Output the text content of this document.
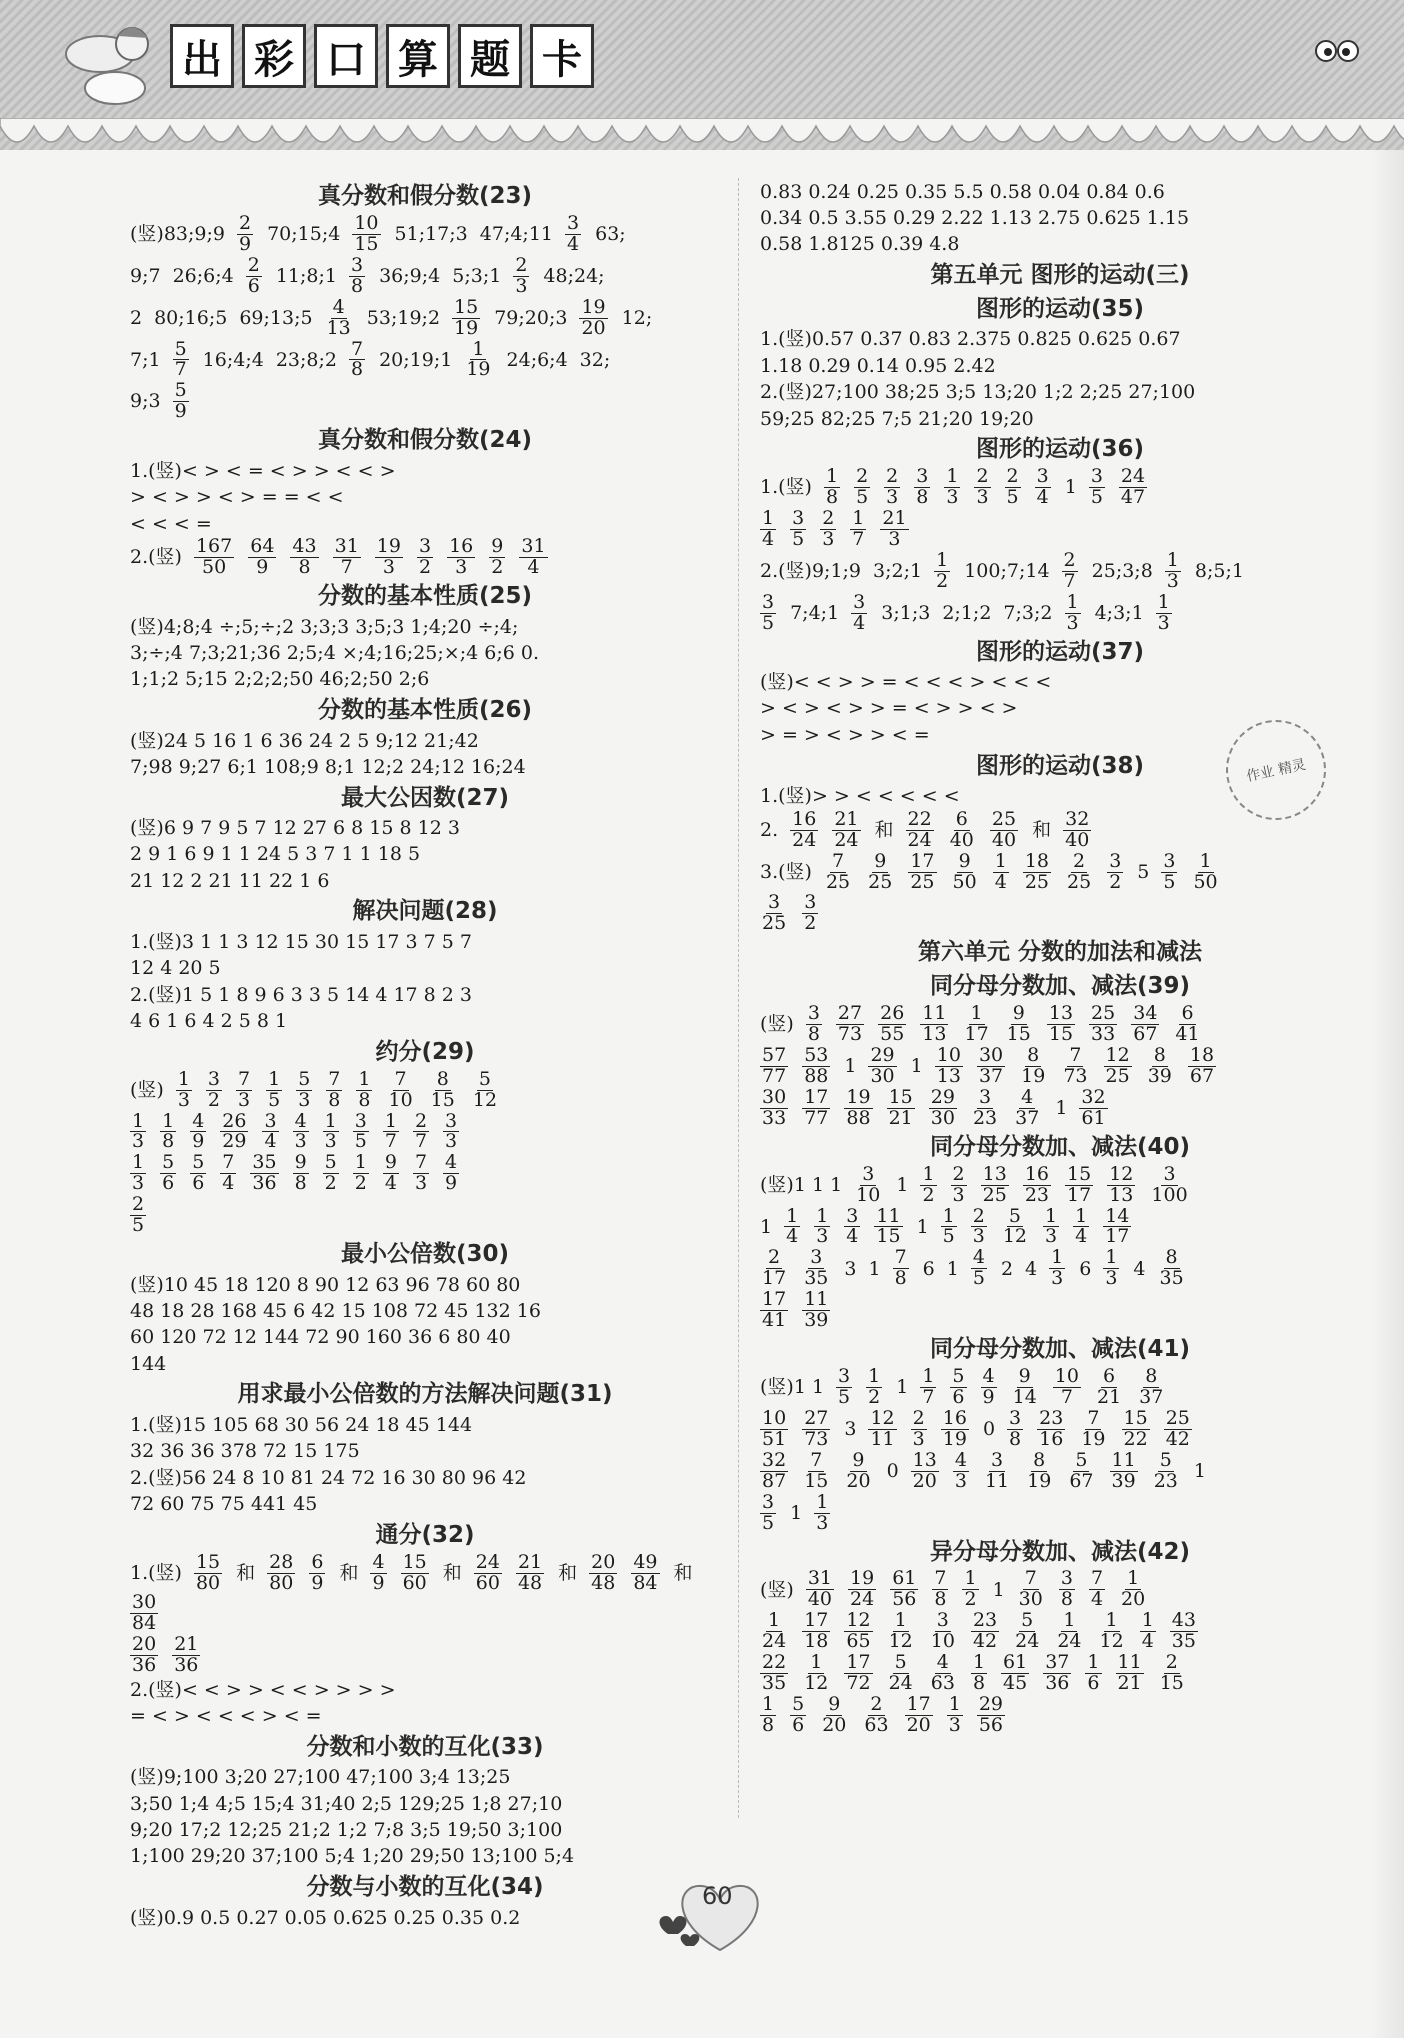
出 彩 口 算 题 卡
真分数和假分数(23)
(竖)83;9;9 $\frac{2}{9}$ 70;15;4 $\frac{10}{15}$ 51;17;3 47;4;11 $\frac{3}{4} 63$;
9;7 26;6;4 $\frac{2}{6}$ 11;8;1 $\frac{3}{8}$ 36;9;4 5;3;1 $\frac{2}{3}$ 48;24;
2 80;16;5 69;13;5 $\frac{4}{13}$ 53;19;2 $\frac{15}{19}$ 79;20;3 $\frac{19}{20} 12$;
7;1 $\frac{5}{7}$ 16;4;4 23;8;2 $\frac{7}{8}$ 20;19;1 $\frac{1}{19}$ 24;6;4 32;
9;3 $\frac{5}{9}$
真分数和假分数(24)
1.(竖)< > < = < > > < < >
> < > > < > = = < <
< < < =
2.(竖) $\frac{167}{50} \frac{64}{9} \frac{43}{8} \frac{31}{7} \frac{19}{3} \frac{3}{2} \frac{16}{3} \frac{9}{2} \frac{31}{4}$
分数的基本性质(25)
(竖)4;8;4 ÷;5;÷;2 3;3;3 3;5;3 1;4;20 ÷;4;
3;÷;4 7;3;21;36 2;5;4 ×;4;16;25;×;4 6;6 0.
1;1;2 5;15 2;2;2;50 46;2;50 2;6
分数的基本性质(26)
(竖)24 5 16 1 6 36 24 2 5 9;12 21;42
7;98 9;27 6;1 108;9 8;1 12;2 24;12 16;24
最大公因数(27)
(竖)6 9 7 9 5 7 12 27 6 8 15 8 12 3
2 9 1 6 9 1 1 24 5 3 7 1 1 18 5
21 12 2 21 11 22 1 6
解决问题(28)
1.(竖)3 1 1 3 12 15 30 15 17 3 7 5 7
12 4 20 5
2.(竖)1 5 1 8 9 6 3 3 5 14 4 17 8 2 3
4 6 1 6 4 2 5 8 1
约分(29)
(竖) $\frac{1}{3} \frac{3}{2} \frac{7}{3} \frac{1}{5} \frac{5}{3} \frac{7}{8} \frac{1}{8} \frac{7}{10} \frac{8}{15} \frac{5}{12}$
$\frac{1}{3} \frac{1}{8} \frac{4}{9} \frac{26}{29} \frac{3}{4} \frac{4}{3} \frac{1}{3} \frac{3}{5} \frac{1}{7} \frac{2}{7} \frac{3}{3}$
$\frac{1}{3} \frac{5}{6} \frac{5}{6} \frac{7}{4} \frac{35}{36} \frac{9}{8} \frac{5}{2} \frac{1}{2} \frac{9}{4} \frac{7}{3} \frac{4}{9}$
$\frac{2}{5}$
最小公倍数(30)
(竖)10 45 18 120 8 90 12 63 96 78 60 80
48 18 28 168 45 6 42 15 108 72 45 132 16
60 120 72 12 144 72 90 160 36 6 80 40
144
用求最小公倍数的方法解决问题(31)
1.(竖)15 105 68 30 56 24 18 45 144
32 36 36 378 72 15 175
2.(竖)56 24 8 10 81 24 72 16 30 80 96 42
72 60 75 75 441 45
通分(32)
1.(竖) $\frac{15}{80}$ 和 $\frac{28}{80} \frac{6}{9}$ 和 $\frac{4}{9} \frac{15}{60}$ 和 $\frac{24}{60} \frac{21}{48}$ 和 $\frac{20}{48} \frac{49}{84}$ 和
$\frac{30}{84}$
$\frac{20}{36} \frac{21}{36}$
2.(竖)< < > > < < > > > >
= < > < < < > < =
分数和小数的互化(33)
(竖)9;100 3;20 27;100 47;100 3;4 13;25
3;50 1;4 4;5 15;4 31;40 2;5 129;25 1;8 27;10
9;20 17;2 12;25 21;2 1;2 7;8 3;5 19;50 3;100
1;100 29;20 37;100 5;4 1;20 29;50 13;100 5;4
分数与小数的互化(34)
(竖)0.9 0.5 0.27 0.05 0.625 0.25 0.35 0.2
0.83 0.24 0.25 0.35 5.5 0.58 0.04 0.84 0.6
0.34 0.5 3.55 0.29 2.22 1.13 2.75 0.625 1.15
0.58 1.8125 0.39 4.8
第五单元 图形的运动(三)
图形的运动(35)
1.(竖)0.57 0.37 0.83 2.375 0.825 0.625 0.67
1.18 0.29 0.14 0.95 2.42
2.(竖)27;100 38;25 3;5 13;20 1;2 2;25 27;100
59;25 82;25 7;5 21;20 19;20
图形的运动(36)
1.(竖) $\frac{1}{8} \frac{2}{5} \frac{2}{3} \frac{3}{8} \frac{1}{3} \frac{2}{3} \frac{2}{5} \frac{3}{4} 1 \frac{3}{5} \frac{24}{47}$
$\frac{1}{4} \frac{3}{5} \frac{2}{3} \frac{1}{7} \frac{21}{3}$
2.(竖)9;1;9 3;2;1 $\frac{1}{2}$ 100;7;14 $\frac{2}{7}$ 25;3;8 $\frac{1}{3}$ 8;5;1
$\frac{3}{5}$ 7;4;1 $\frac{3}{4}$ 3;1;3 2;1;2 7;3;2 $\frac{1}{3}$ 4;3;1 $\frac{1}{3}$
图形的运动(37)
(竖)< < > > = < < < > < < <
> < > < > > = < > > < >
> = > < > > < =
图形的运动(38)
1.(竖)> > < < < < <
2. $\frac{16}{24} \frac{21}{24}$ 和 $\frac{22}{24} \frac{6}{40} \frac{25}{40}$ 和 $\frac{32}{40}$
3.(竖) $\frac{7}{25} \frac{9}{25} \frac{17}{25} \frac{9}{50} \frac{1}{4} \frac{18}{25} \frac{2}{25} \frac{3}{2} 5 \frac{3}{5} \frac{1}{50}$
$\frac{3}{25} \frac{3}{2}$
第六单元 分数的加法和减法
同分母分数加、减法(39)
(竖) $\frac{3}{8} \frac{27}{73} \frac{26}{55} \frac{11}{13} \frac{1}{17} \frac{9}{15} \frac{13}{15} \frac{25}{33} \frac{34}{67} \frac{6}{41}$
$\frac{57}{77} \frac{53}{88} 1 \frac{29}{30} 1 \frac{10}{13} \frac{30}{37} \frac{8}{19} \frac{7}{73} \frac{12}{25} \frac{8}{39} \frac{18}{67}$
$\frac{30}{33} \frac{17}{77} \frac{19}{88} \frac{15}{21} \frac{29}{30} \frac{3}{23} \frac{4}{37} 1 \frac{32}{61}$
同分母分数加、减法(40)
(竖)1 1 $1 \frac{3}{10} 1 \frac{1}{2} \frac{2}{3} \frac{13}{25} \frac{16}{23} \frac{15}{17} \frac{12}{13} \frac{3}{100}$
$1 \frac{1}{4} \frac{1}{3} \frac{3}{4} \frac{11}{15} 1 \frac{1}{5} \frac{2}{3} \frac{5}{12} \frac{1}{3} \frac{1}{4} \frac{14}{17}$
$\frac{2}{17} \frac{3}{35} 3$ $1 \frac{7}{8} 6$ $1 \frac{4}{5} 2$ $4 \frac{1}{3} 6 \frac{1}{3} 4 \frac{8}{35}$
$\frac{17}{41} \frac{11}{39}$
同分母分数加、减法(41)
(竖)1 $1 \frac{3}{5} \frac{1}{2} 1 \frac{1}{7} \frac{5}{6} \frac{4}{9} \frac{9}{14} \frac{10}{7} \frac{6}{21} \frac{8}{37}$
$\frac{10}{51} \frac{27}{73} 3 \frac{12}{11} \frac{2}{3} \frac{16}{19} 0 \frac{3}{8} \frac{23}{16} \frac{7}{19} \frac{15}{22} \frac{25}{42}$
$\frac{32}{87} \frac{7}{15} \frac{9}{20} 0 \frac{13}{20} \frac{4}{3} \frac{3}{11} \frac{8}{19} \frac{5}{67} \frac{11}{39} \frac{5}{23} 1$
$\frac{3}{5} 1 \frac{1}{3}$
异分母分数加、减法(42)
(竖) $\frac{31}{40} \frac{19}{24} \frac{61}{56} \frac{7}{8} \frac{1}{2} 1 \frac{7}{30} \frac{3}{8} \frac{7}{4} \frac{1}{20}$
$\frac{1}{24} \frac{17}{18} \frac{12}{65} \frac{1}{12} \frac{3}{10} \frac{23}{42} \frac{5}{24} \frac{1}{24} \frac{1}{12} \frac{1}{4} \frac{43}{35}$
$\frac{22}{35} \frac{1}{12} \frac{17}{72} \frac{5}{24} \frac{4}{63} \frac{1}{8} \frac{61}{45} \frac{37}{36} \frac{1}{6} \frac{11}{21} \frac{2}{15}$
$\frac{1}{8} \frac{5}{6} \frac{9}{20} \frac{2}{63} \frac{17}{20} \frac{1}{3} \frac{29}{56}$
作业 精灵
60
